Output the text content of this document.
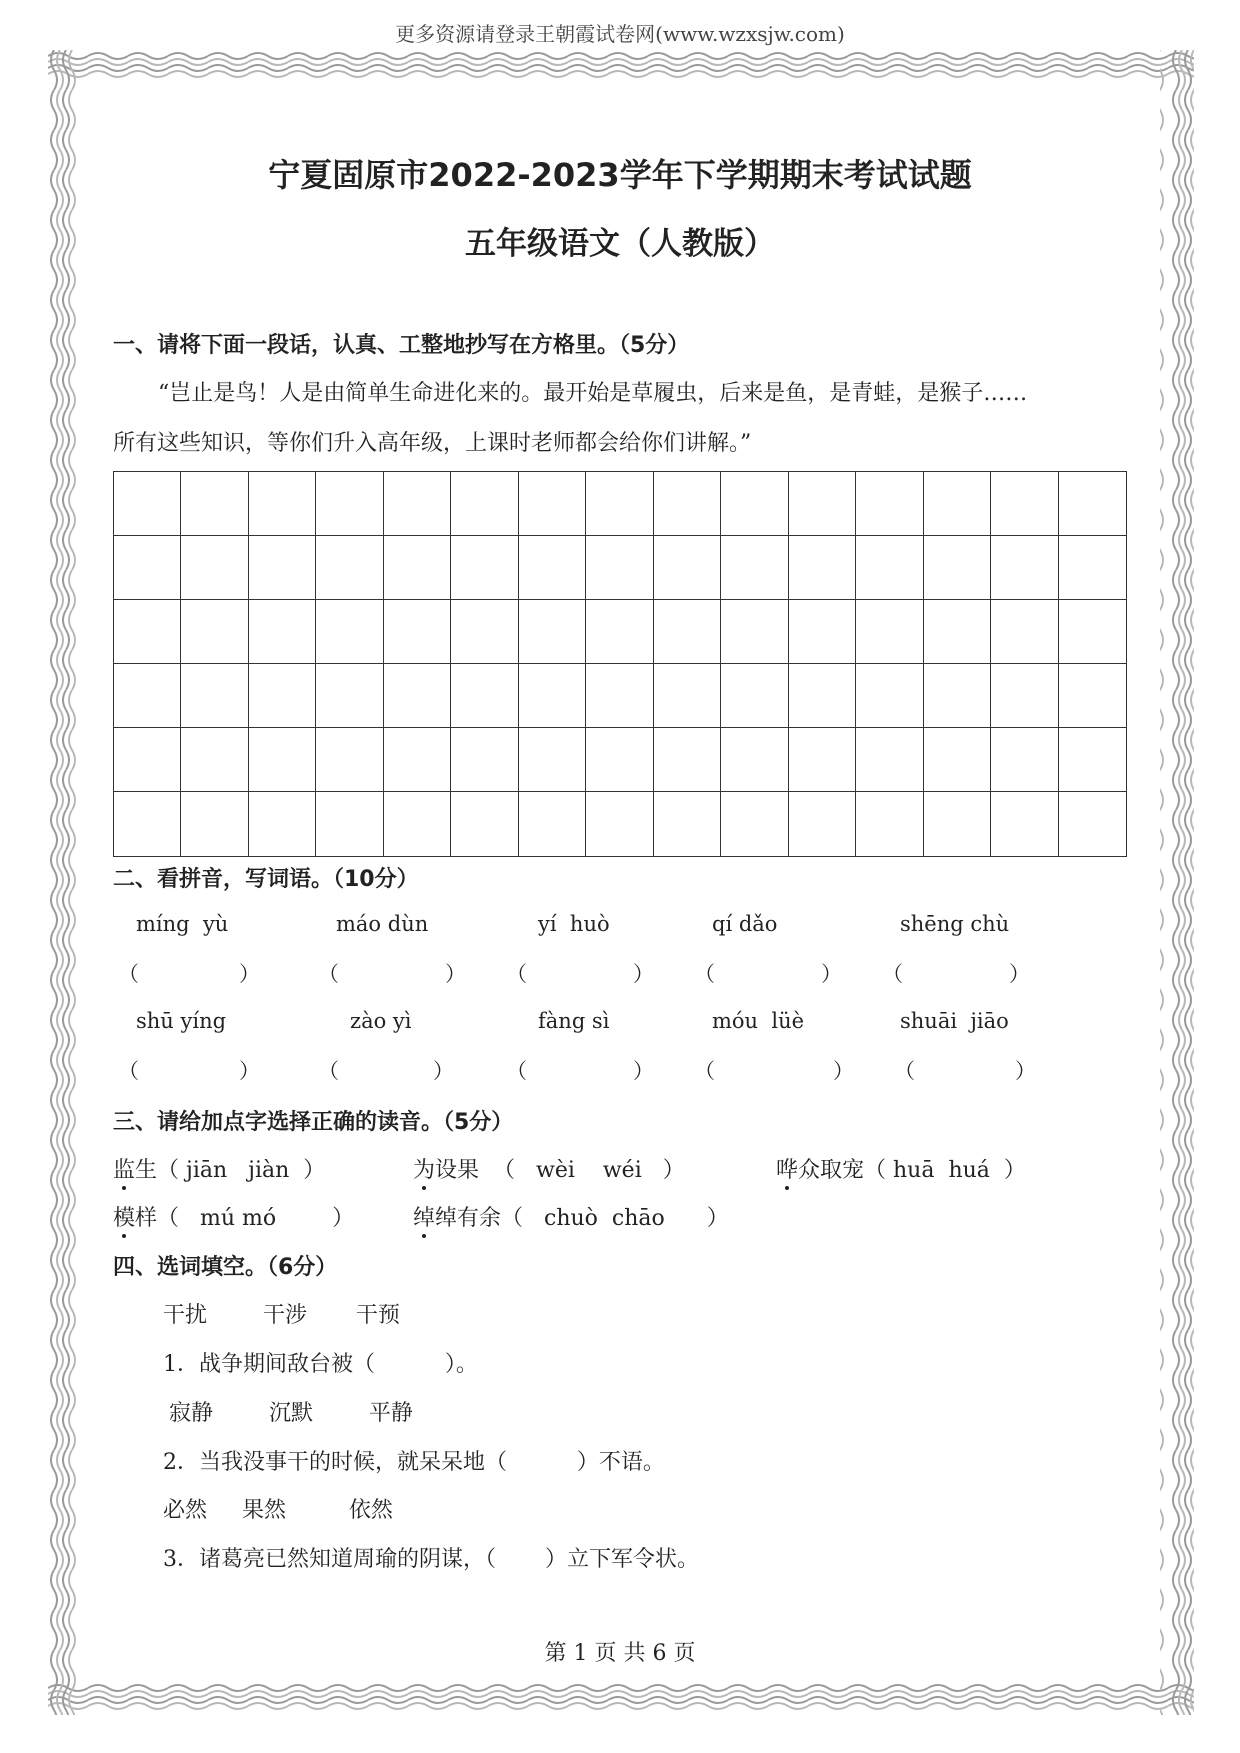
更多资源请登录王朝霞试卷网(www.wzxsjw.com)
宁夏固原市2022-2023学年下学期期末考试试题
五年级语文（人教版）
一、请将下面一段话，认真、工整地抄写在方格里。（5分）
“岂止是鸟！人是由简单生命进化来的。最开始是草履虫，后来是鱼，是青蛙，是猴子……
所有这些知识，等你们升入高年级，上课时老师都会给你们讲解。”
二、看拼音，写词语。（10分）
míng  yù	máo dùn	yí  huò	qí dǎo	shēng chù
（	）	（	） （	） （	） （	）
shū yíng	zào yì	fàng sì	móu  lüè	shuāi  jiāo
（	）	（	） （	） （	） （	）
三、请给加点字选择正确的读音。（5分）
监生（ jiān   jiàn  ）	为设果  （   wèi    wéi   ）	哗众取宠（ huā  huá  ）
模样（   mú mó        ）	绰绰有余（   chuò  chāo      ）
四、选词填空。（6分）
干扰        干涉       干预
1．战争期间敌台被（          ）。
寂静        沉默        平静
2．当我没事干的时候，就呆呆地（          ）不语。
必然     果然         依然
3．诸葛亮已然知道周瑜的阴谋，（       ）立下军令状。
第 1 页 共 6 页
